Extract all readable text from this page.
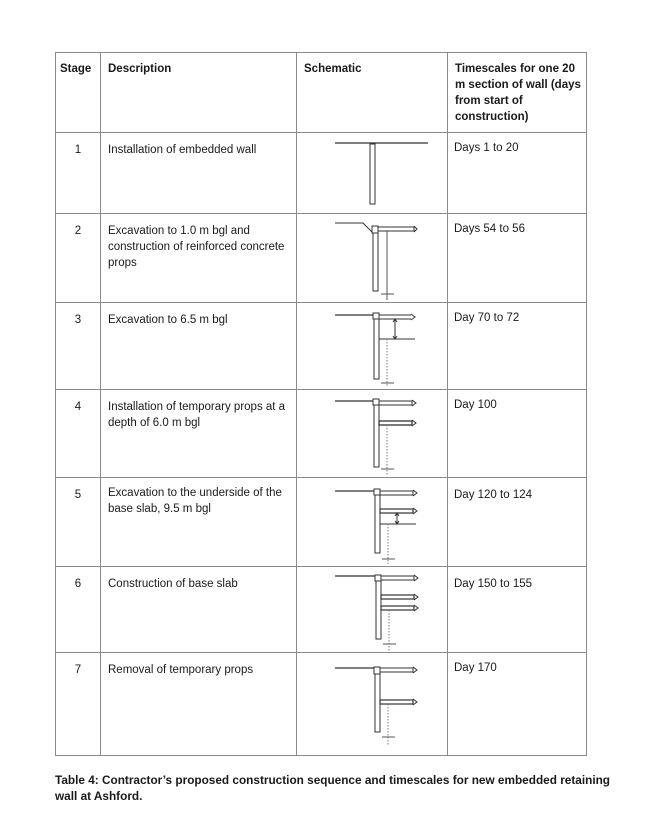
Stage	Description	Schematic	Timescales for one 20 m section of wall (days from start of construction)
1	Installation of embedded wall		Days 1 to 20
2	Excavation to 1.0 m bgl and construction of reinforced concrete props		Days 54 to 56
3	Excavation to 6.5 m bgl		Day 70 to 72
4	Installation of temporary props at a depth of 6.0 m bgl		Day 100
5	Excavation to the underside of the base slab, 9.5 m bgl		Day 120 to 124
6	Construction of base slab		Day 150 to 155
7	Removal of temporary props		Day 170
Table 4: Contractor’s proposed construction sequence and timescales for new embedded retaining wall at Ashford.
